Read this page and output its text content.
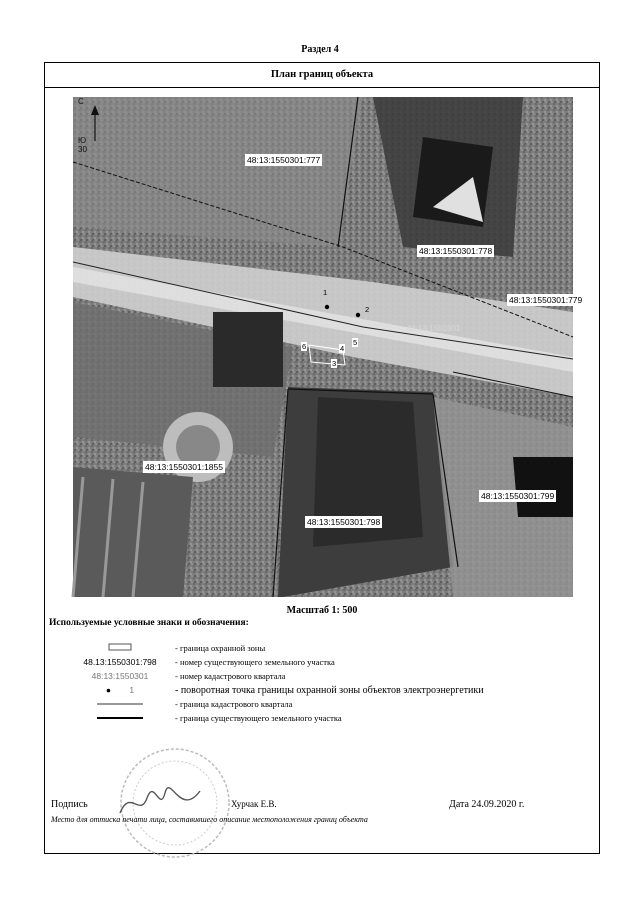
Раздел 4
План границ объекта
С
Ю
30
48:13:1550301:777
48:13:1550301:778
48:13:1550301:779
48:13:1550301:1855
48:13:1550301:799
48:13:1550301:798
48:13:1550301
1
2
3
4
5
6
Масштаб 1: 500
Используемые условные знаки и обозначения:
- граница охранной зоны
48.13:1550301:798	- номер существующего земельного участка
48:13:1550301	- номер кадастрового квартала
● 1	- поворотная точка границы охранной зоны объектов электроэнергетики
- граница кадастрового квартала
- граница существующего земельного участка
Подпись	Хурчак Е.В.	Дата 24.09.2020 г.
Место для оттиска печати лица, составившего описание местоположения границ объекта
